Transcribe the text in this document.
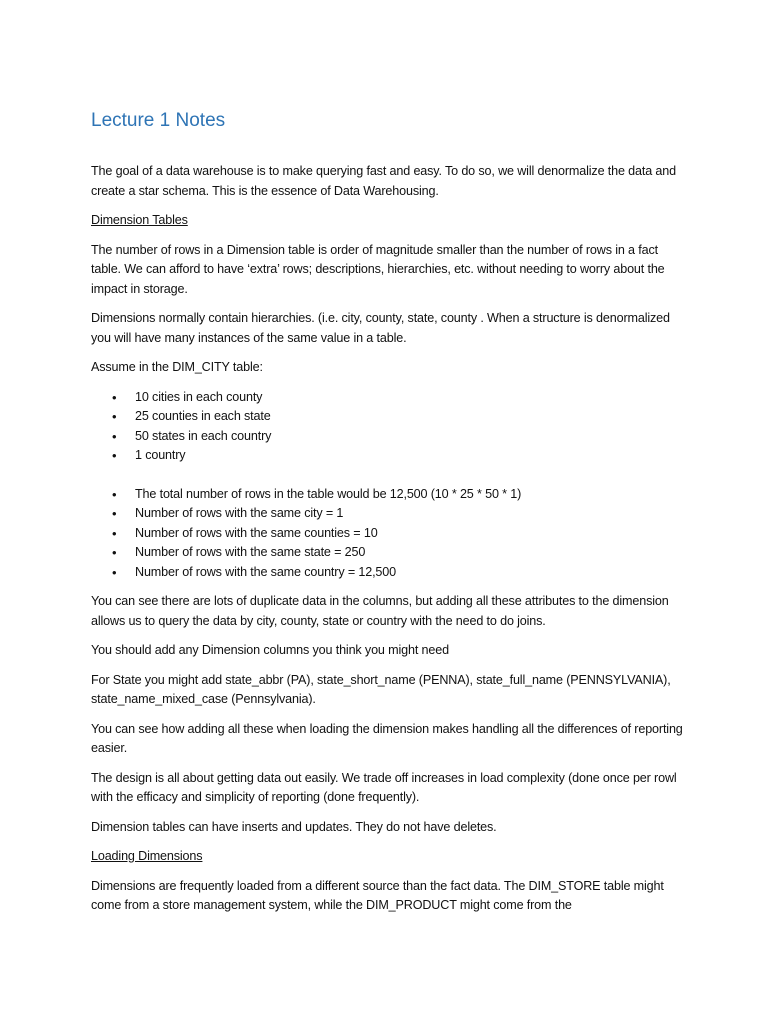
Lecture 1 Notes

The goal of a data warehouse is to make querying fast and easy. To do so, we will denormalize the data and create a star schema. This is the essence of Data Warehousing.

Dimension Tables

The number of rows in a Dimension table is order of magnitude smaller than the number of rows in a fact table. We can afford to have ‘extra’ rows; descriptions, hierarchies, etc. without needing to worry about the impact in storage.

Dimensions normally contain hierarchies. (i.e. city, county, state, county . When a structure is denormalized you will have many instances of the same value in a table.

Assume in the DIM_CITY table:

• 10 cities in each county
• 25 counties in each state
• 50 states in each country
• 1 country
• The total number of rows in the table would be 12,500 (10 * 25 * 50 * 1)
• Number of rows with the same city = 1
• Number of rows with the same counties = 10
• Number of rows with the same state = 250
• Number of rows with the same country = 12,500

You can see there are lots of duplicate data in the columns, but adding all these attributes to the dimension allows us to query the data by city, county, state or country with the need to do joins.

You should add any Dimension columns you think you might need

For State you might add state_abbr (PA), state_short_name (PENNA), state_full_name (PENNSYLVANIA), state_name_mixed_case (Pennsylvania).

You can see how adding all these when loading the dimension makes handling all the differences of reporting easier.

The design is all about getting data out easily. We trade off increases in load complexity (done once per rowl with the efficacy and simplicity of reporting (done frequently).

Dimension tables can have inserts and updates. They do not have deletes.

Loading Dimensions

Dimensions are frequently loaded from a different source than the fact data. The DIM_STORE table might come from a store management system, while the DIM_PRODUCT might come from the
